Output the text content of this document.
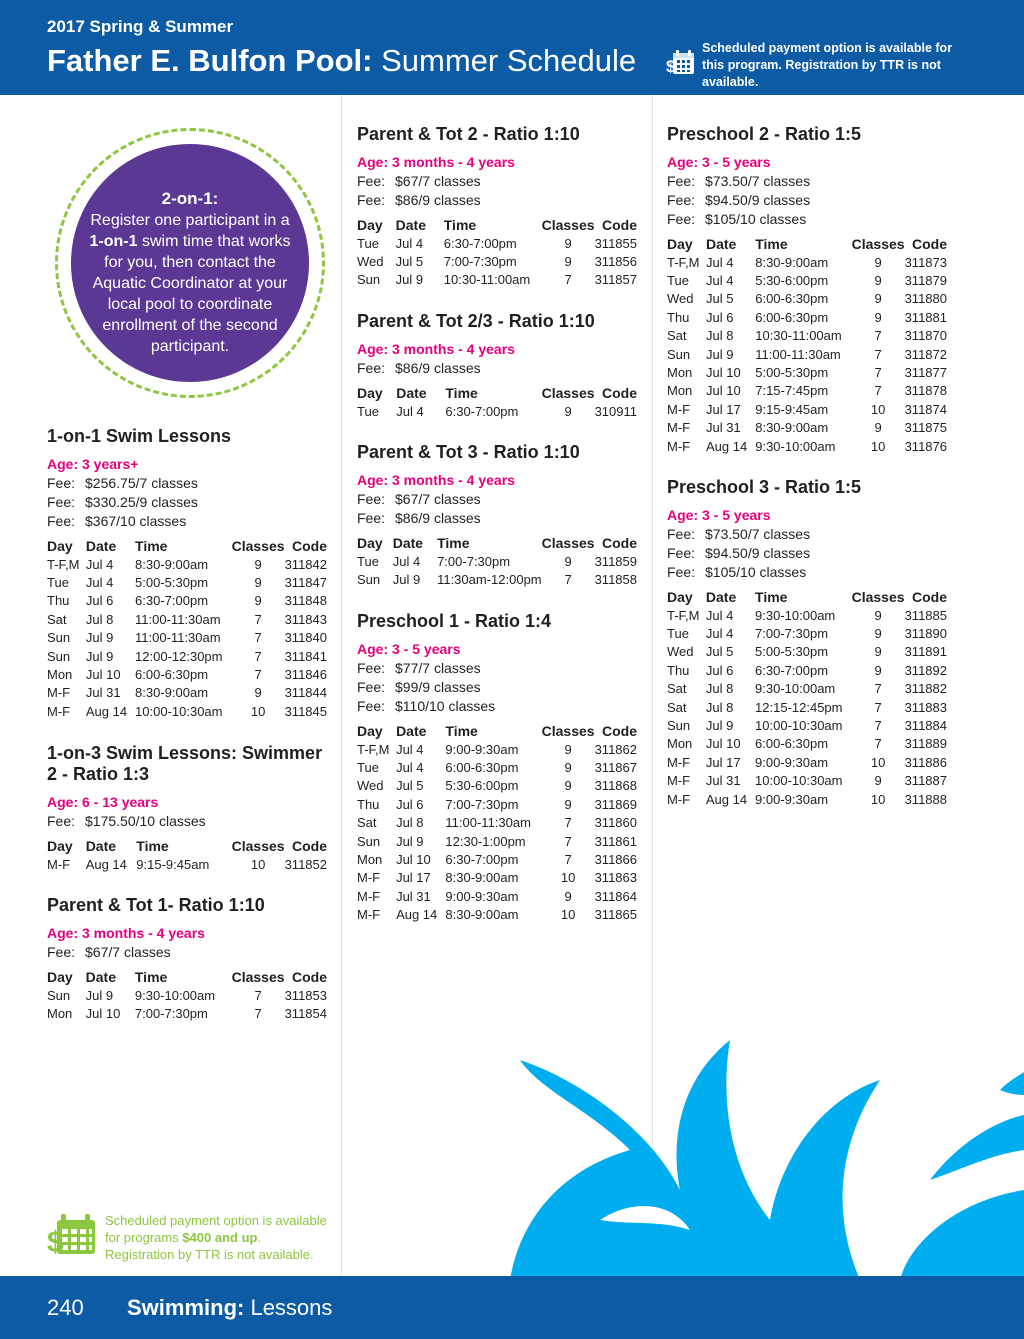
2017 Spring & Summer
Father E. Bulfon Pool: Summer Schedule $
Scheduled payment option is available for this program. Registration by TTR is not available.
2-on-1:
Register one participant in a 1-on-1 swim time that works for you, then contact the Aquatic Coordinator at your local pool to coordinate enrollment of the second participant.
1-on-1 Swim Lessons
Age: 3 years+
Fee: $256.75/7 classes
Fee: $330.25/9 classes
Fee: $367/10 classes
Day	Date	Time	Classes	Code
T-F,M	Jul 4	8:30-9:00am	9	311842
Tue	Jul 4	5:00-5:30pm	9	311847
Thu	Jul 6	6:30-7:00pm	9	311848
Sat	Jul 8	11:00-11:30am	7	311843
Sun	Jul 9	11:00-11:30am	7	311840
Sun	Jul 9	12:00-12:30pm	7	311841
Mon	Jul 10	6:00-6:30pm	7	311846
M-F	Jul 31	8:30-9:00am	9	311844
M-F	Aug 14	10:00-10:30am	10	311845
1-on-3 Swim Lessons: Swimmer 2 - Ratio 1:3
Age: 6 - 13 years
Fee: $175.50/10 classes
Day	Date	Time	Classes	Code
M-F	Aug 14	9:15-9:45am	10	311852
Parent & Tot 1- Ratio 1:10
Age: 3 months - 4 years
Fee: $67/7 classes
Day	Date	Time	Classes	Code
Sun	Jul 9	9:30-10:00am	7	311853
Mon	Jul 10	7:00-7:30pm	7	311854
Parent & Tot 2 - Ratio 1:10
Age: 3 months - 4 years
Fee: $67/7 classes
Fee: $86/9 classes
Day	Date	Time	Classes	Code
Tue	Jul 4	6:30-7:00pm	9	311855
Wed	Jul 5	7:00-7:30pm	9	311856
Sun	Jul 9	10:30-11:00am	7	311857
Parent & Tot 2/3 - Ratio 1:10
Age: 3 months - 4 years
Fee: $86/9 classes
Day	Date	Time	Classes	Code
Tue	Jul 4	6:30-7:00pm	9	310911
Parent & Tot 3 - Ratio 1:10
Age: 3 months - 4 years
Fee: $67/7 classes
Fee: $86/9 classes
Day	Date	Time	Classes	Code
Tue	Jul 4	7:00-7:30pm	9	311859
Sun	Jul 9	11:30am-12:00pm	7	311858
Preschool 1 - Ratio 1:4
Age: 3 - 5 years
Fee: $77/7 classes
Fee: $99/9 classes
Fee: $110/10 classes
Day	Date	Time	Classes	Code
T-F,M	Jul 4	9:00-9:30am	9	311862
Tue	Jul 4	6:00-6:30pm	9	311867
Wed	Jul 5	5:30-6:00pm	9	311868
Thu	Jul 6	7:00-7:30pm	9	311869
Sat	Jul 8	11:00-11:30am	7	311860
Sun	Jul 9	12:30-1:00pm	7	311861
Mon	Jul 10	6:30-7:00pm	7	311866
M-F	Jul 17	8:30-9:00am	10	311863
M-F	Jul 31	9:00-9:30am	9	311864
M-F	Aug 14	8:30-9:00am	10	311865
Preschool 2 - Ratio 1:5
Age: 3 - 5 years
Fee: $73.50/7 classes
Fee: $94.50/9 classes
Fee: $105/10 classes
Day	Date	Time	Classes	Code
T-F,M	Jul 4	8:30-9:00am	9	311873
Tue	Jul 4	5:30-6:00pm	9	311879
Wed	Jul 5	6:00-6:30pm	9	311880
Thu	Jul 6	6:00-6:30pm	9	311881
Sat	Jul 8	10:30-11:00am	7	311870
Sun	Jul 9	11:00-11:30am	7	311872
Mon	Jul 10	5:00-5:30pm	7	311877
Mon	Jul 10	7:15-7:45pm	7	311878
M-F	Jul 17	9:15-9:45am	10	311874
M-F	Jul 31	8:30-9:00am	9	311875
M-F	Aug 14	9:30-10:00am	10	311876
Preschool 3 - Ratio 1:5
Age: 3 - 5 years
Fee: $73.50/7 classes
Fee: $94.50/9 classes
Fee: $105/10 classes
Day	Date	Time	Classes	Code
T-F,M	Jul 4	9:30-10:00am	9	311885
Tue	Jul 4	7:00-7:30pm	9	311890
Wed	Jul 5	5:00-5:30pm	9	311891
Thu	Jul 6	6:30-7:00pm	9	311892
Sat	Jul 8	9:30-10:00am	7	311882
Sat	Jul 8	12:15-12:45pm	7	311883
Sun	Jul 9	10:00-10:30am	7	311884
Mon	Jul 10	6:00-6:30pm	7	311889
M-F	Jul 17	9:00-9:30am	10	311886
M-F	Jul 31	10:00-10:30am	9	311887
M-F	Aug 14	9:00-9:30am	10	311888
$
Scheduled payment option is available
for programs $400 and up.
Registration by TTR is not available.
240 Swimming: Lessons
